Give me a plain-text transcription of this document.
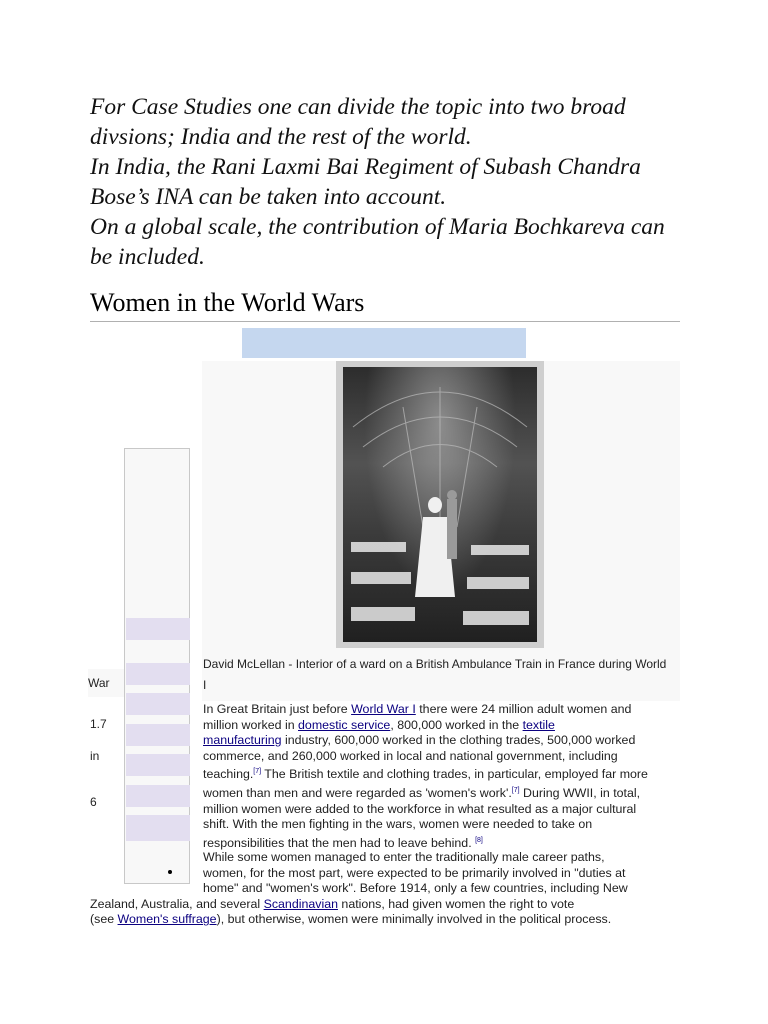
For Case Studies one can divide the topic into two broad divsions; India and the rest of the world.

In India, the Rani Laxmi Bai Regiment of Subash Chandra Bose’s INA can be taken into account.

On a global scale, the contribution of Maria Bochkareva can be included.

Women in the World Wars
David McLellan - Interior of a ward on a British Ambulance Train in France during World
I
War
1.7
in
6
In Great Britain just before World War I there were 24 million adult women and
million worked in domestic service, 800,000 worked in the textile
manufacturing industry, 600,000 worked in the clothing trades, 500,000 worked
commerce, and 260,000 worked in local and national government, including
teaching.[7] The British textile and clothing trades, in particular, employed far more
women than men and were regarded as 'women's work'.[7] During WWII, in total,
million women were added to the workforce in what resulted as a major cultural
shift. With the men fighting in the wars, women were needed to take on
responsibilities that the men had to leave behind. [8]
While some women managed to enter the traditionally male career paths,
women, for the most part, were expected to be primarily involved in "duties at
home" and "women's work". Before 1914, only a few countries, including New
Zealand, Australia, and several Scandinavian nations, had given women the right to vote
(see Women's suffrage), but otherwise, women were minimally involved in the political process.
